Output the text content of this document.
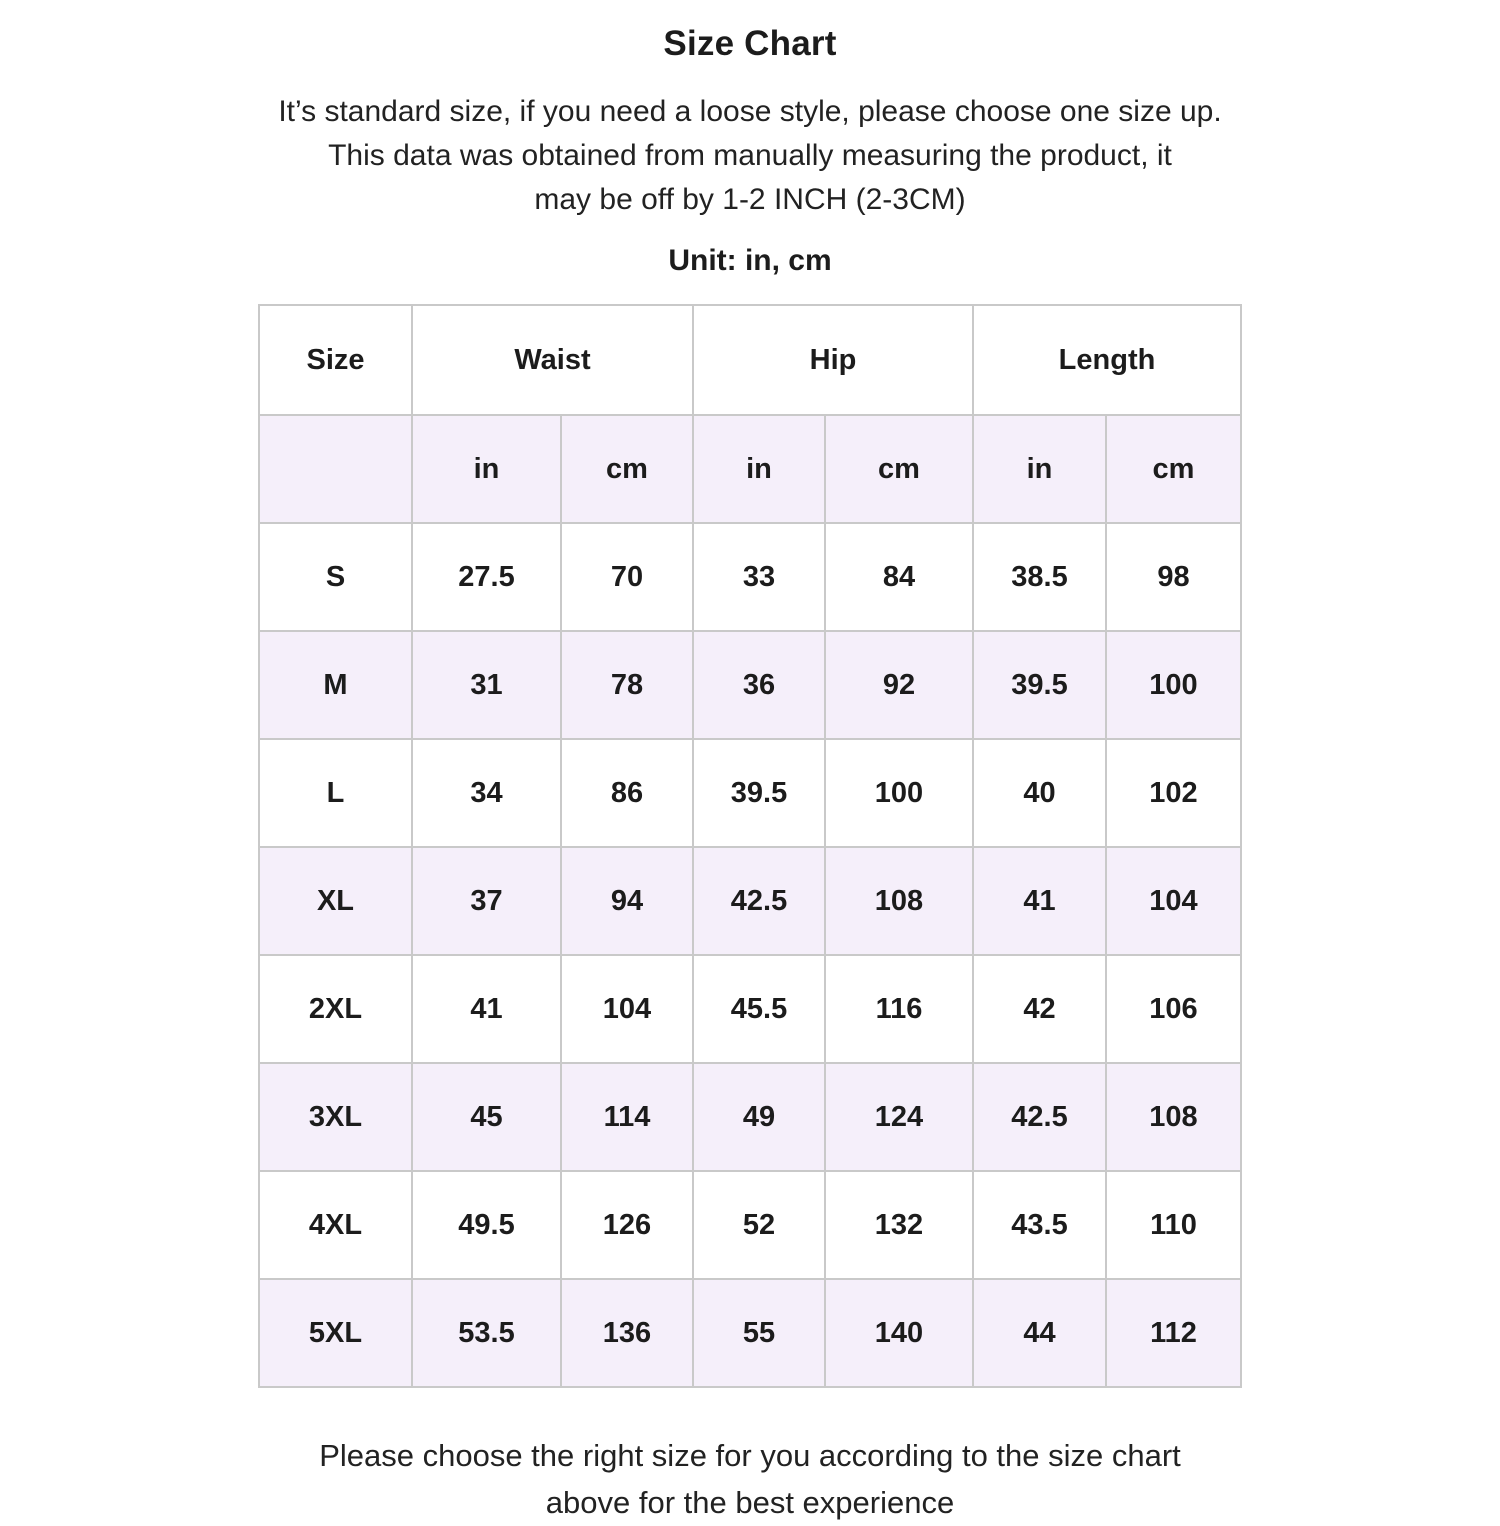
Size Chart

It’s standard size, if you need a loose style, please choose one size up.
This data was obtained from manually measuring the product, it
may be off by 1-2 INCH (2-3CM)

Unit: in, cm

Size	Waist		Hip		Length	
	in	cm	in	cm	in	cm
S	27.5	70	33	84	38.5	98
M	31	78	36	92	39.5	100
L	34	86	39.5	100	40	102
XL	37	94	42.5	108	41	104
2XL	41	104	45.5	116	42	106
3XL	45	114	49	124	42.5	108
4XL	49.5	126	52	132	43.5	110
5XL	53.5	136	55	140	44	112

Please choose the right size for you according to the size chart
above for the best experience
